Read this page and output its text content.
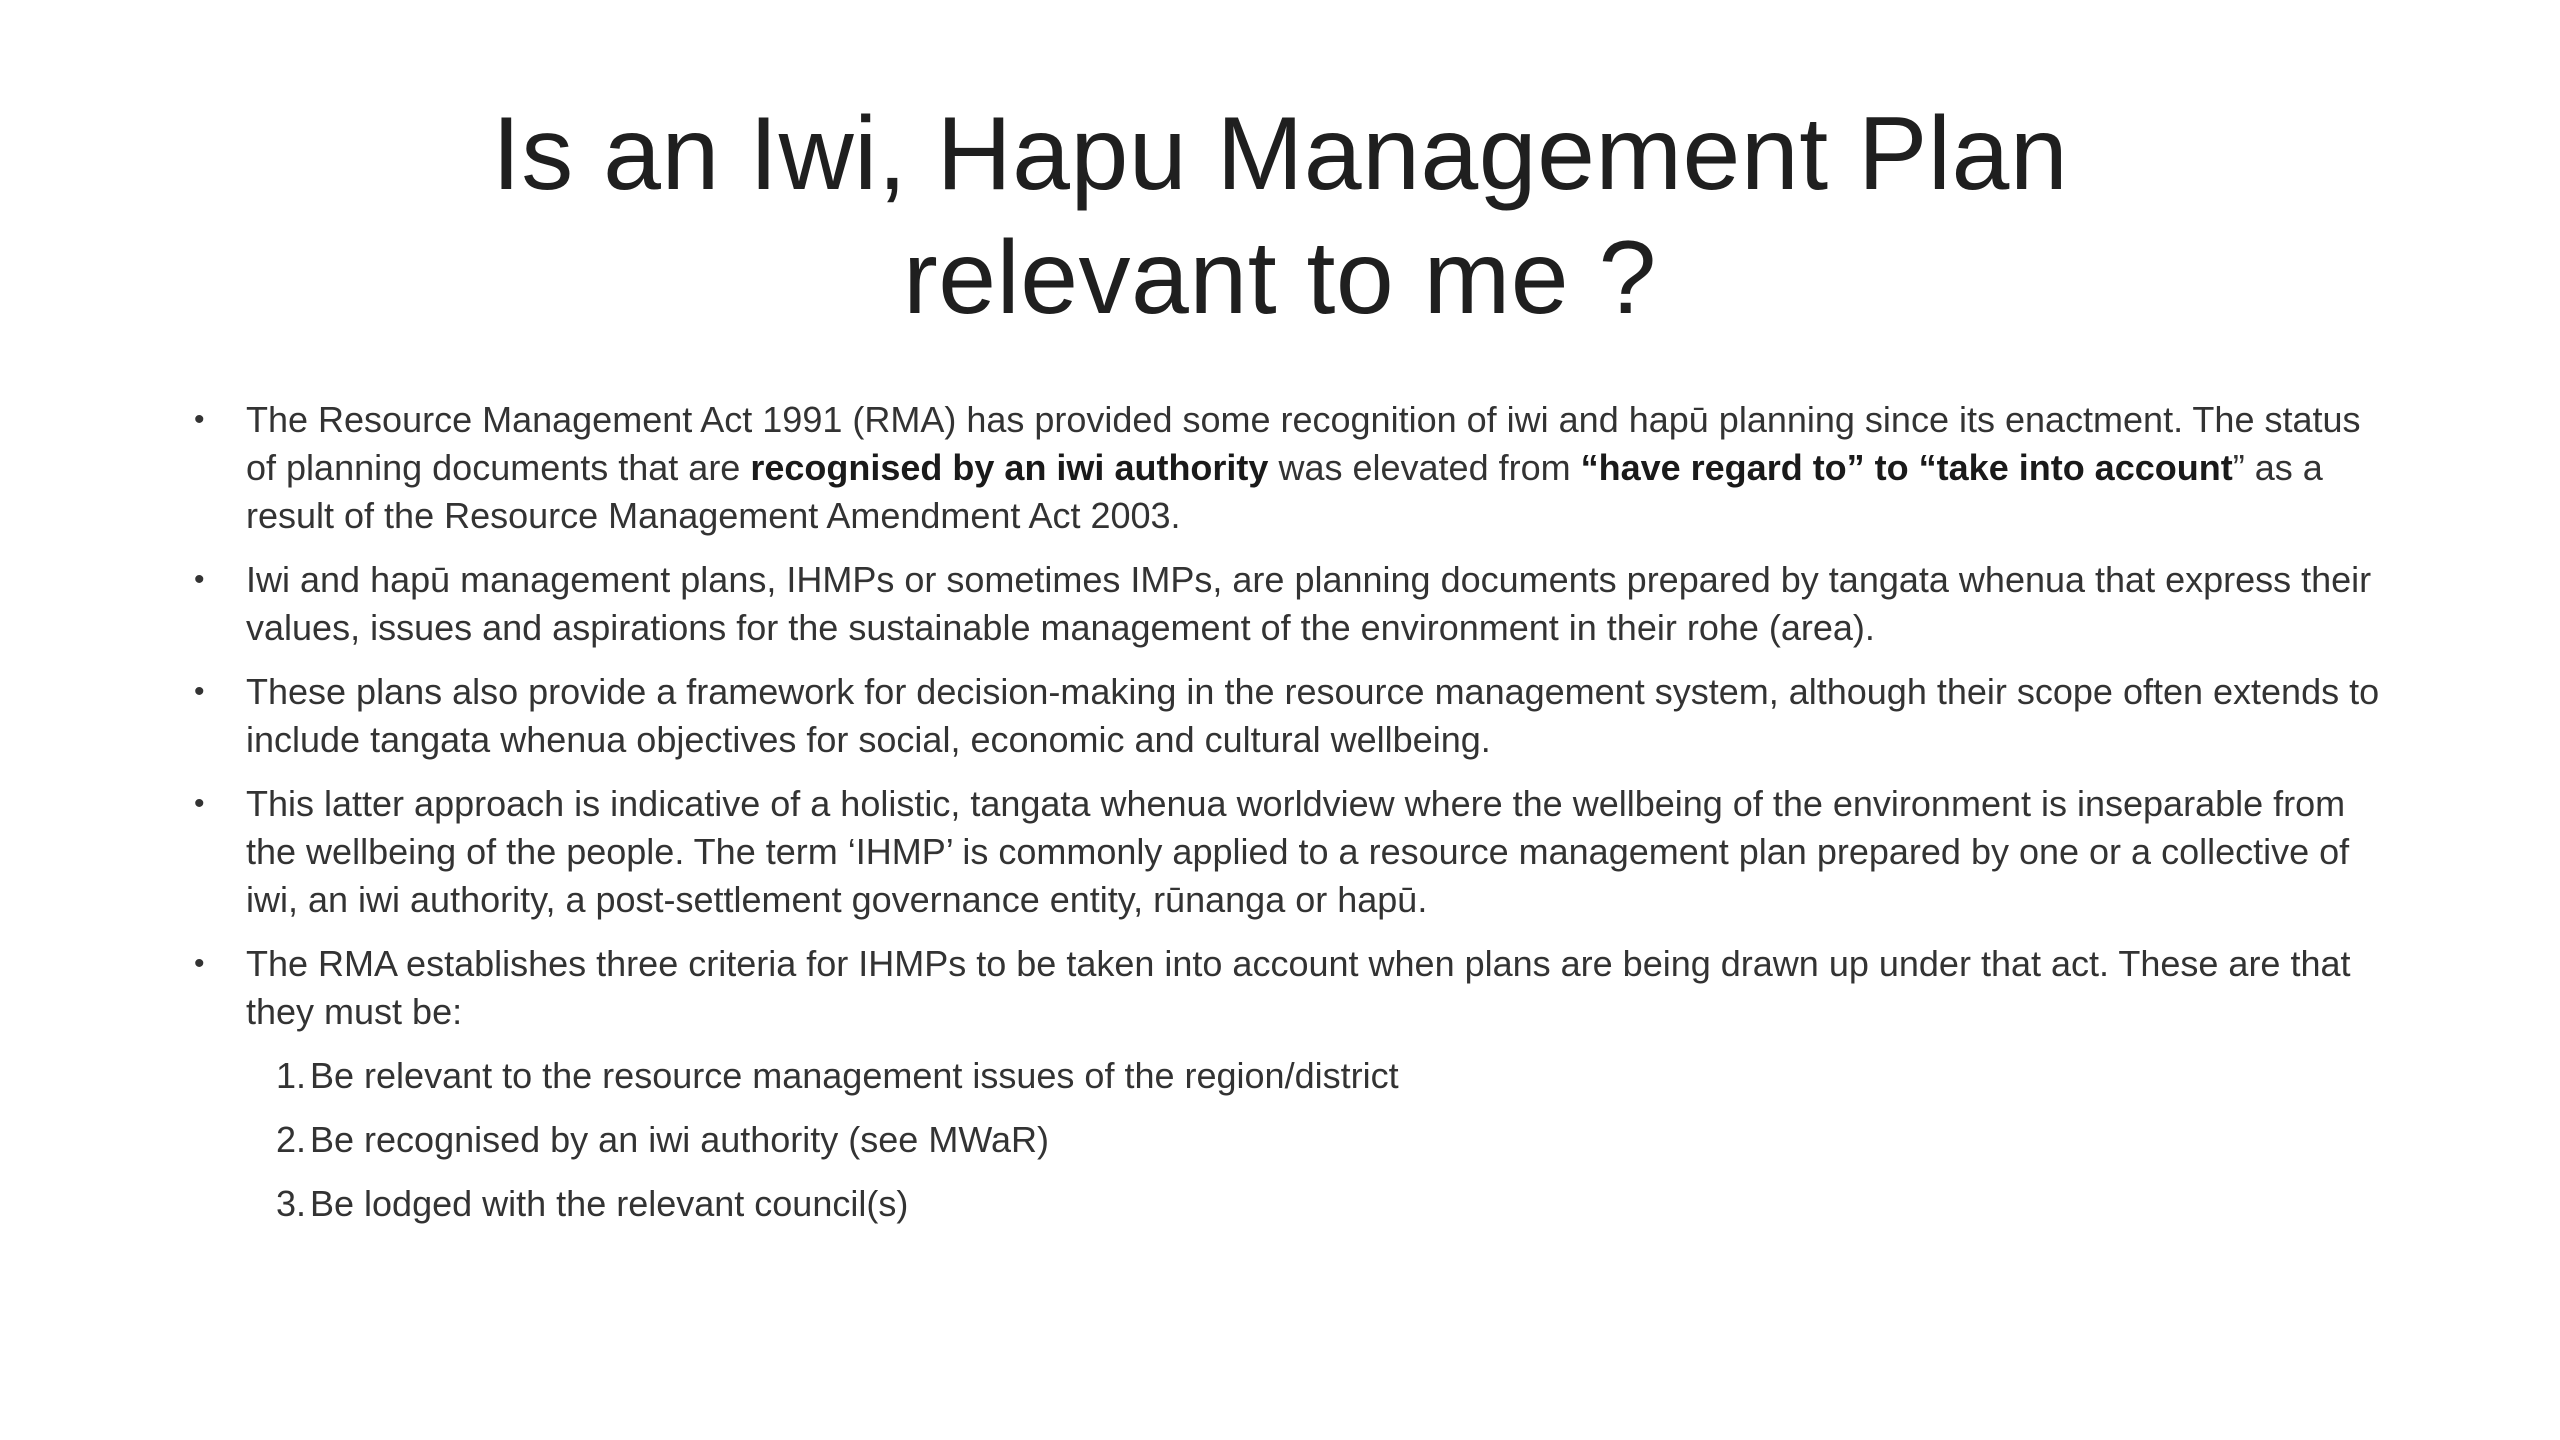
Is an Iwi, Hapu Management Plan
relevant to me ?
• The Resource Management Act 1991 (RMA) has provided some recognition of iwi and hapū planning since its enactment. The status of planning documents that are recognised by an iwi authority was elevated from “have regard to” to “take into account” as a result of the Resource Management Amendment Act 2003.
• Iwi and hapū management plans, IHMPs or sometimes IMPs, are planning documents prepared by tangata whenua that express their values, issues and aspirations for the sustainable management of the environment in their rohe (area).
• These plans also provide a framework for decision-making in the resource management system, although their scope often extends to include tangata whenua objectives for social, economic and cultural wellbeing.
• This latter approach is indicative of a holistic, tangata whenua worldview where the wellbeing of the environment is inseparable from the wellbeing of the people. The term ‘IHMP’ is commonly applied to a resource management plan prepared by one or a collective of iwi, an iwi authority, a post-settlement governance entity, rūnanga or hapū.
• The RMA establishes three criteria for IHMPs to be taken into account when plans are being drawn up under that act. These are that they must be:
1. Be relevant to the resource management issues of the region/district
2. Be recognised by an iwi authority (see MWaR)
3. Be lodged with the relevant council(s)
